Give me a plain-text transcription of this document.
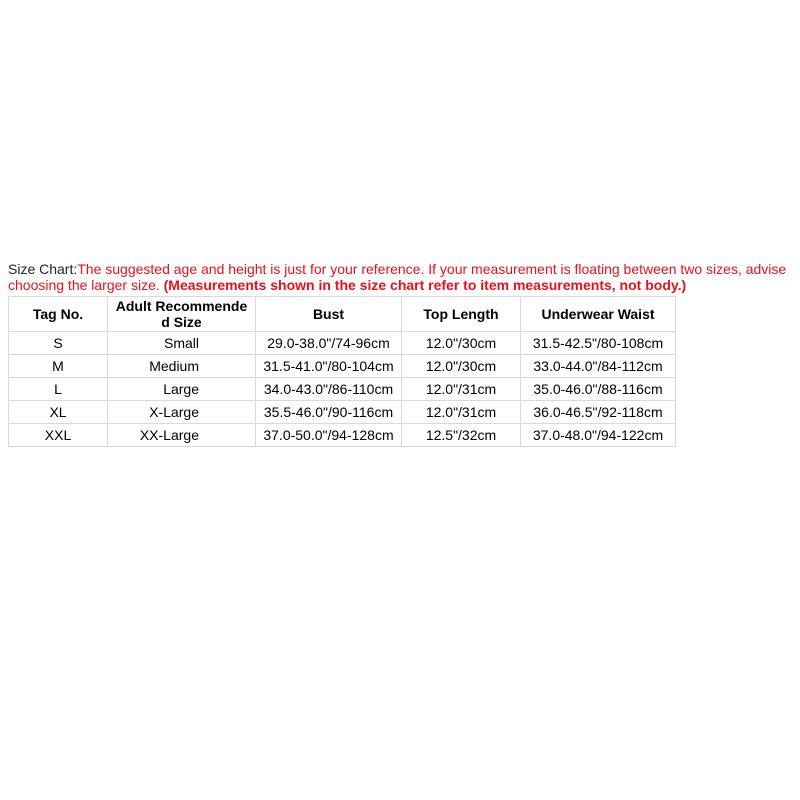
Size Chart:The suggested age and height is just for your reference. If your measurement is floating between two sizes, advise choosing the larger size. (Measurements shown in the size chart refer to item measurements, not body.)

Tag No.	Adult Recommende d Size	Bust	Top Length	Underwear Waist
S	Small	29.0-38.0"/74-96cm	12.0"/30cm	31.5-42.5"/80-108cm
M	Medium	31.5-41.0"/80-104cm	12.0"/30cm	33.0-44.0"/84-112cm
L	Large	34.0-43.0"/86-110cm	12.0"/31cm	35.0-46.0"/88-116cm
XL	X-Large	35.5-46.0"/90-116cm	12.0"/31cm	36.0-46.5"/92-118cm
XXL	XX-Large	37.0-50.0"/94-128cm	12.5"/32cm	37.0-48.0"/94-122cm
